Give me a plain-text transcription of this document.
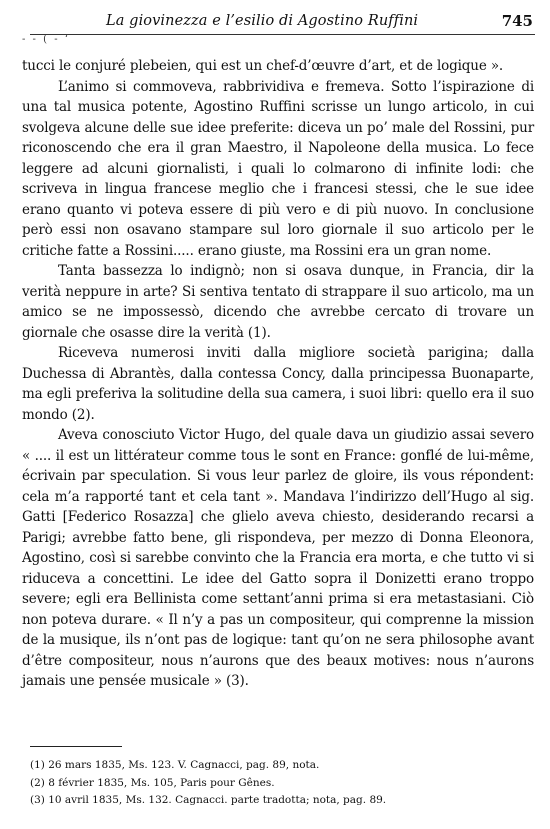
La giovinezza e l’esilio di Agostino Ruffini	745
- - ( - ‘

tucci le conjuré plebeien, qui est un chef-d’œuvre d’art, et de logique ».

L’animo si commoveva, rabbrividiva e fremeva. Sotto l’ispirazione di una tal musica potente, Agostino Ruffini scrisse un lungo articolo, in cui svolgeva alcune delle sue idee preferite: diceva un po’ male del Rossini, pur riconoscendo che era il gran Maestro, il Napoleone della musica. Lo fece leggere ad alcuni giornalisti, i quali lo colmarono di infinite lodi: che scriveva in lingua francese meglio che i francesi stessi, che le sue idee erano quanto vi poteva essere di più vero e di più nuovo. In conclusione però essi non osavano stampare sul loro giornale il suo articolo per le critiche fatte a Rossini..... erano giuste, ma Rossini era un gran nome.

Tanta bassezza lo indignò; non si osava dunque, in Francia, dir la verità neppure in arte? Si sentiva tentato di strappare il suo articolo, ma un amico se ne impossessò, dicendo che avrebbe cercato di trovare un giornale che osasse dire la verità (1).

Riceveva numerosi inviti dalla migliore società parigina; dalla Duchessa di Abrantès, dalla contessa Concy, dalla principessa Buonaparte, ma egli preferiva la solitudine della sua camera, i suoi libri: quello era il suo mondo (2).

Aveva conosciuto Victor Hugo, del quale dava un giudizio assai severo « .... il est un littérateur comme tous le sont en France: gonflé de lui-même, écrivain par speculation. Si vous leur parlez de gloire, ils vous répondent: cela m’a rapporté tant et cela tant ». Mandava l’indirizzo dell’Hugo al sig. Gatti [Federico Rosazza] che glielo aveva chiesto, desiderando recarsi a Parigi; avrebbe fatto bene, gli rispondeva, per mezzo di Donna Eleonora, Agostino, così si sarebbe convinto che la Francia era morta, e che tutto vi si riduceva a concettini. Le idee del Gatto sopra il Donizetti erano troppo severe; egli era Bellinista come settant’anni prima si era metastasiani. Ciò non poteva durare. « Il n’y a pas un compositeur, qui comprenne la mission de la musique, ils n’ont pas de logique: tant qu’on ne sera philosophe avant d’être compositeur, nous n’aurons que des beaux motives: nous n’aurons jamais une pensée musicale » (3).

(1) 26 mars 1835, Ms. 123. V. Cagnacci, pag. 89, nota.
(2) 8 février 1835, Ms. 105, Paris pour Gênes.
(3) 10 avril 1835, Ms. 132. Cagnacci. parte tradotta; nota, pag. 89.
